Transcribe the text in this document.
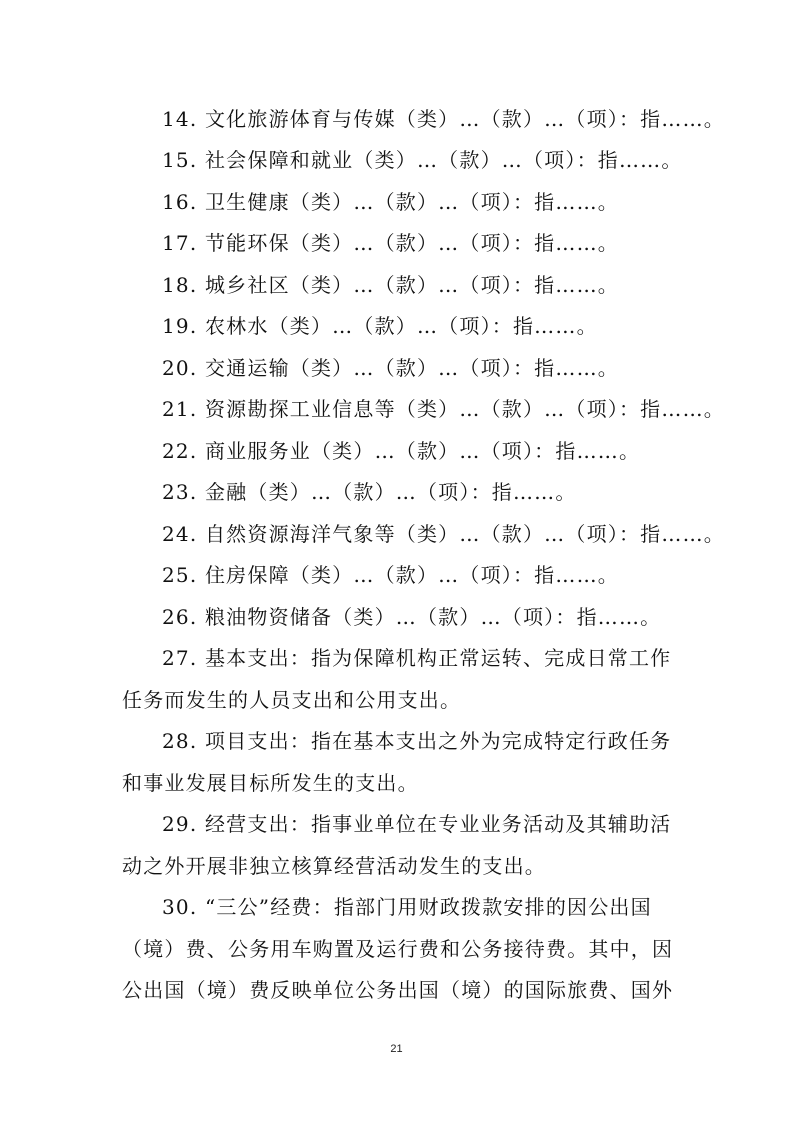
14. 文化旅游体育与传媒（类）…（款）…（项）：指……。
15. 社会保障和就业（类）…（款）…（项）：指……。
16. 卫生健康（类）…（款）…（项）：指……。
17. 节能环保（类）…（款）…（项）：指……。
18. 城乡社区（类）…（款）…（项）：指……。
19. 农林水（类）…（款）…（项）：指……。
20. 交通运输（类）…（款）…（项）：指……。
21. 资源勘探工业信息等（类）…（款）…（项）：指……。
22. 商业服务业（类）…（款）…（项）：指……。
23. 金融（类）…（款）…（项）：指……。
24. 自然资源海洋气象等（类）…（款）…（项）：指……。
25. 住房保障（类）…（款）…（项）：指……。
26. 粮油物资储备（类）…（款）…（项）：指……。
27. 基本支出：指为保障机构正常运转、完成日常工作
任务而发生的人员支出和公用支出。
28. 项目支出：指在基本支出之外为完成特定行政任务
和事业发展目标所发生的支出。
29. 经营支出：指事业单位在专业业务活动及其辅助活
动之外开展非独立核算经营活动发生的支出。
30. “三公”经费：指部门用财政拨款安排的因公出国
（境）费、公务用车购置及运行费和公务接待费。其中，因
公出国（境）费反映单位公务出国（境）的国际旅费、国外
21
